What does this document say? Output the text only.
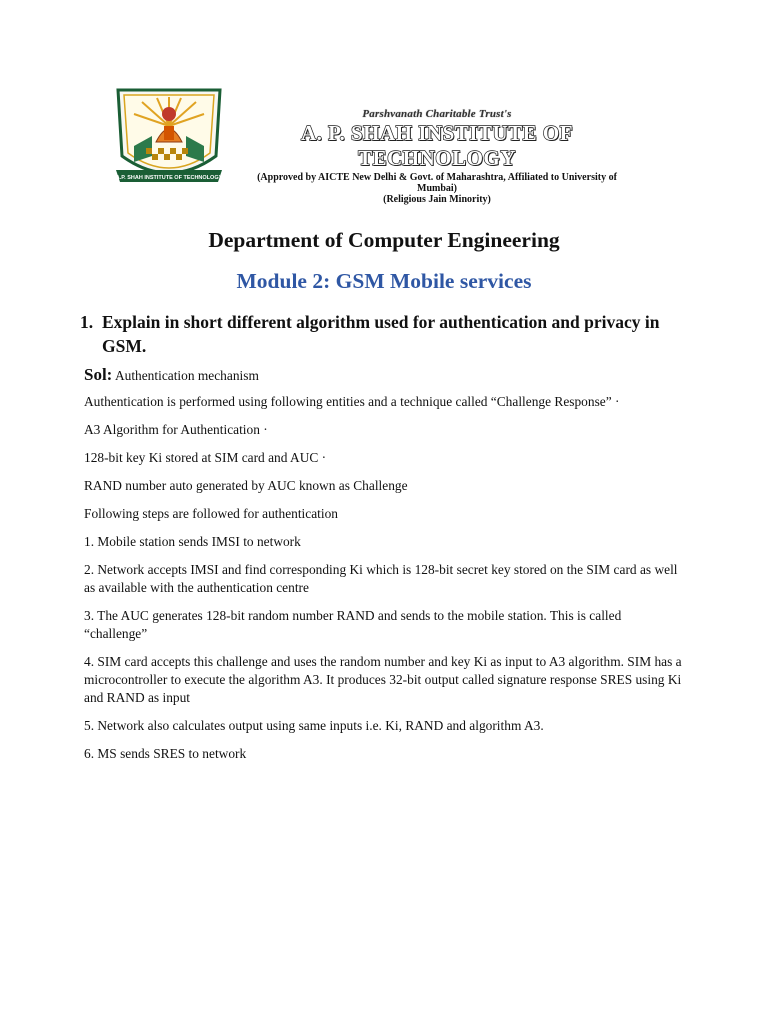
A.P. SHAH INSTITUTE OF TECHNOLOGY
Parshvanath Charitable Trust's
A. P. SHAH INSTITUTE OF TECHNOLOGY
(Approved by AICTE New Delhi & Govt. of Maharashtra, Affiliated to University of Mumbai)
(Religious Jain Minority)
Department of Computer Engineering
Module 2: GSM Mobile services
1. Explain in short different algorithm used for authentication and privacy in GSM.

Sol: Authentication mechanism

Authentication is performed using following entities and a technique called “Challenge Response” ·

A3 Algorithm for Authentication ·

128-bit key Ki stored at SIM card and AUC ·

RAND number auto generated by AUC known as Challenge

Following steps are followed for authentication

1. Mobile station sends IMSI to network

2. Network accepts IMSI and find corresponding Ki which is 128-bit secret key stored on the SIM card as well as available with the authentication centre

3. The AUC generates 128-bit random number RAND and sends to the mobile station. This is called “challenge”

4. SIM card accepts this challenge and uses the random number and key Ki as input to A3 algorithm. SIM has a microcontroller to execute the algorithm A3. It produces 32-bit output called signature response SRES using Ki and RAND as input

5. Network also calculates output using same inputs i.e. Ki, RAND and algorithm A3.

6. MS sends SRES to network
